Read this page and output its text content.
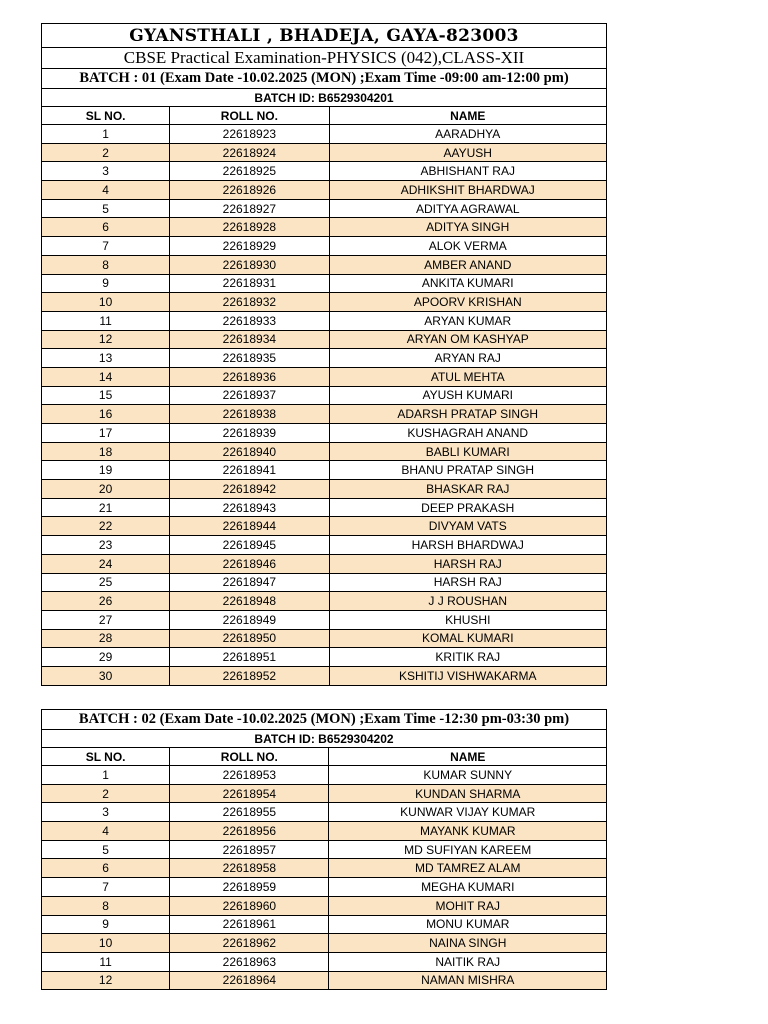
GYANSTHALI , BHADEJA, GAYA-823003		
CBSE Practical Examination-PHYSICS (042),CLASS-XII		
BATCH : 01 (Exam Date -10.02.2025 (MON) ;Exam Time -09:00 am-12:00 pm)		
BATCH ID: B6529304201		
SL NO.	ROLL NO.	NAME
1	22618923	AARADHYA
2	22618924	AAYUSH
3	22618925	ABHISHANT RAJ
4	22618926	ADHIKSHIT BHARDWAJ
5	22618927	ADITYA AGRAWAL
6	22618928	ADITYA SINGH
7	22618929	ALOK VERMA
8	22618930	AMBER ANAND
9	22618931	ANKITA KUMARI
10	22618932	APOORV KRISHAN
11	22618933	ARYAN KUMAR
12	22618934	ARYAN OM KASHYAP
13	22618935	ARYAN RAJ
14	22618936	ATUL MEHTA
15	22618937	AYUSH KUMARI
16	22618938	ADARSH PRATAP SINGH
17	22618939	KUSHAGRAH ANAND
18	22618940	BABLI KUMARI
19	22618941	BHANU PRATAP SINGH
20	22618942	BHASKAR RAJ
21	22618943	DEEP PRAKASH
22	22618944	DIVYAM VATS
23	22618945	HARSH BHARDWAJ
24	22618946	HARSH RAJ
25	22618947	HARSH RAJ
26	22618948	J J ROUSHAN
27	22618949	KHUSHI
28	22618950	KOMAL KUMARI
29	22618951	KRITIK RAJ
30	22618952	KSHITIJ VISHWAKARMA
BATCH : 02 (Exam Date -10.02.2025 (MON) ;Exam Time -12:30 pm-03:30 pm)		
BATCH ID: B6529304202		
SL NO.	ROLL NO.	NAME
1	22618953	KUMAR SUNNY
2	22618954	KUNDAN SHARMA
3	22618955	KUNWAR VIJAY KUMAR
4	22618956	MAYANK KUMAR
5	22618957	MD SUFIYAN KAREEM
6	22618958	MD TAMREZ ALAM
7	22618959	MEGHA KUMARI
8	22618960	MOHIT RAJ
9	22618961	MONU KUMAR
10	22618962	NAINA SINGH
11	22618963	NAITIK RAJ
12	22618964	NAMAN MISHRA
